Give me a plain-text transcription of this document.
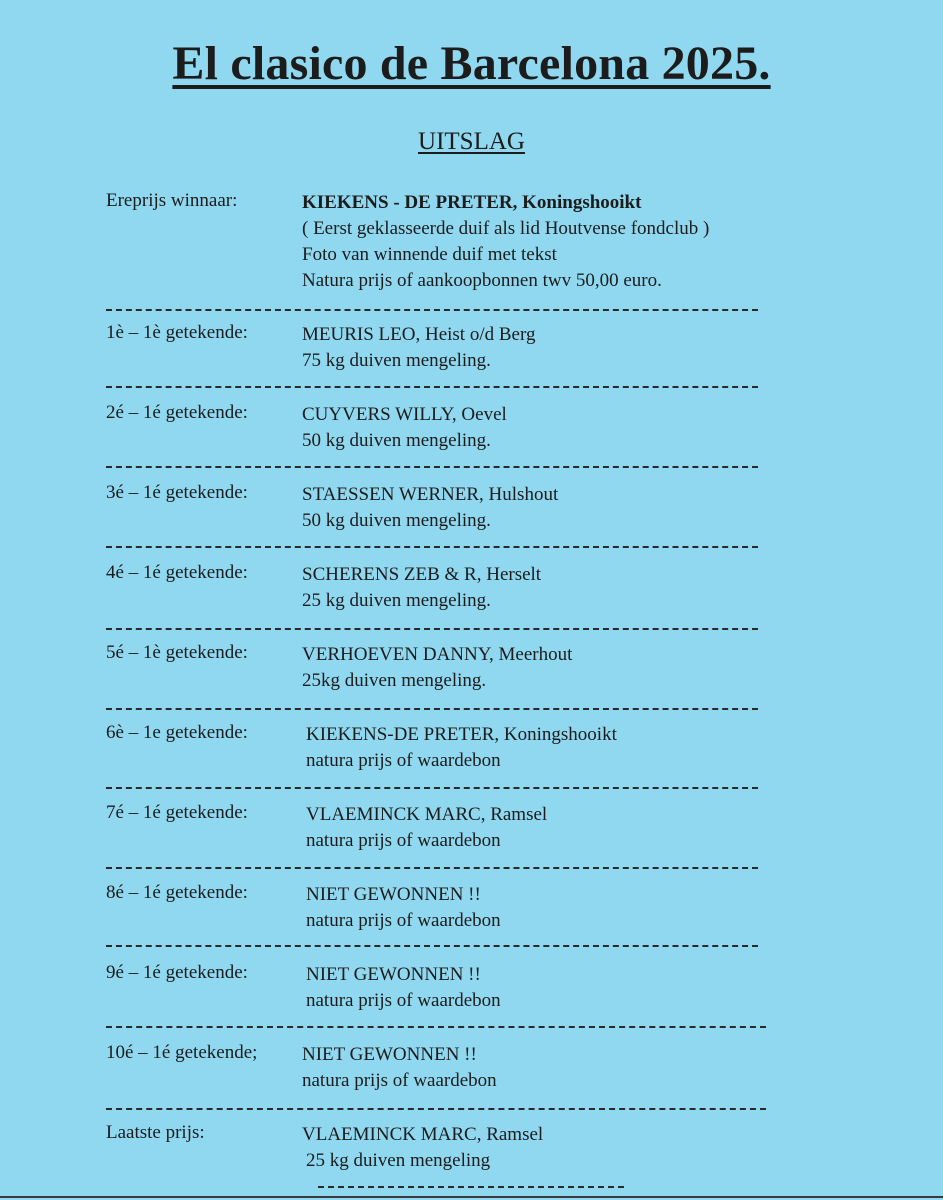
El clasico de Barcelona 2025.
UITSLAG
Ereprijs winnaar:	KIEKENS - DE PRETER, Koningshooikt
( Eerst geklasseerde duif als lid Houtvense fondclub )
Foto van winnende duif met tekst
Natura prijs of aankoopbonnen twv 50,00 euro.
1è – 1è getekende:	MEURIS LEO, Heist o/d Berg
75 kg duiven mengeling.
2é – 1é getekende:	CUYVERS WILLY, Oevel
50 kg duiven mengeling.
3é – 1é getekende:	STAESSEN WERNER, Hulshout
50 kg duiven mengeling.
4é – 1é getekende:	SCHERENS ZEB & R, Herselt
25 kg duiven mengeling.
5é – 1è getekende:	VERHOEVEN DANNY, Meerhout
25kg duiven mengeling.
6è – 1e getekende:	KIEKENS-DE PRETER, Koningshooikt
natura prijs of waardebon
7é – 1é getekende:	VLAEMINCK MARC, Ramsel
natura prijs of waardebon
8é – 1é getekende:	NIET GEWONNEN !!
natura prijs of waardebon
9é – 1é getekende:	NIET GEWONNEN !!
natura prijs of waardebon
10é – 1é getekende; NIET GEWONNEN !!
natura prijs of waardebon
Laatste prijs:	VLAEMINCK MARC, Ramsel
25 kg duiven mengeling
